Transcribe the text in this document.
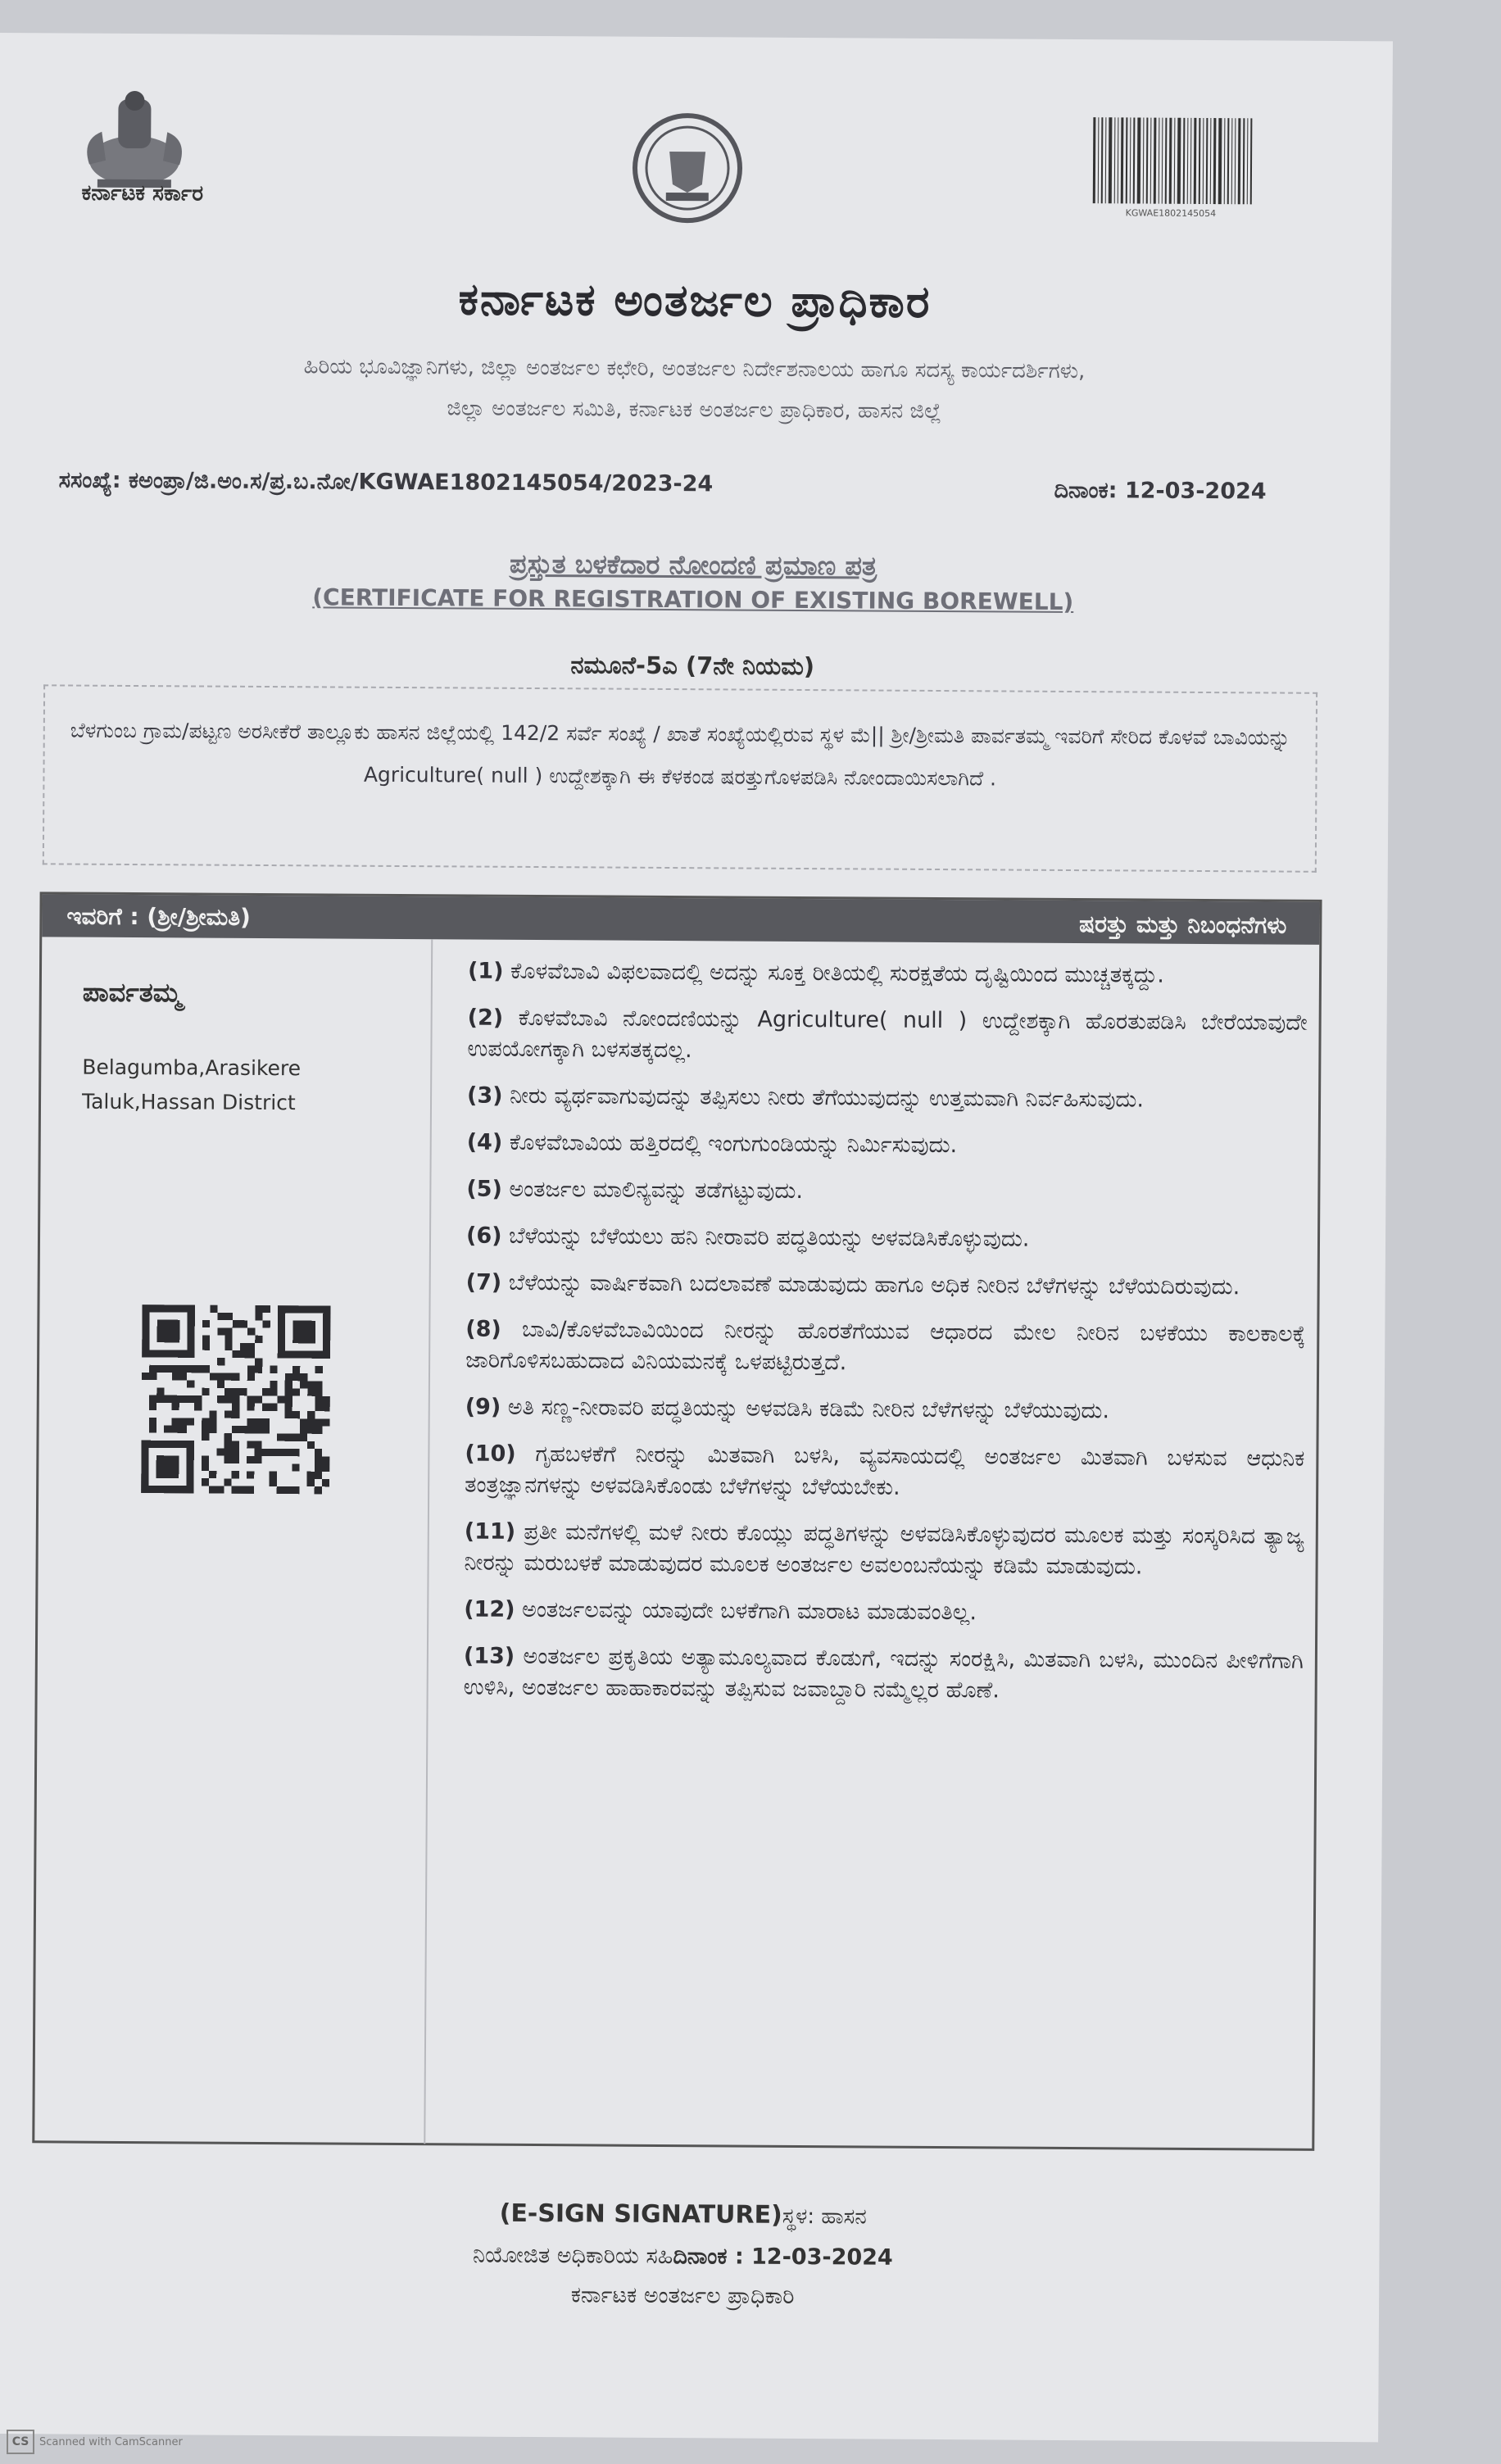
ಕರ್ನಾಟಕ ಸರ್ಕಾರ
KGWAE1802145054
ಕರ್ನಾಟಕ ಅಂತರ್ಜಲ ಪ್ರಾಧಿಕಾರ
ಹಿರಿಯ ಭೂವಿಜ್ಞಾನಿಗಳು, ಜಿಲ್ಲಾ ಅಂತರ್ಜಲ ಕಛೇರಿ, ಅಂತರ್ಜಲ ನಿರ್ದೇಶನಾಲಯ ಹಾಗೂ ಸದಸ್ಯ ಕಾರ್ಯದರ್ಶಿಗಳು,
ಜಿಲ್ಲಾ ಅಂತರ್ಜಲ ಸಮಿತಿ, ಕರ್ನಾಟಕ ಅಂತರ್ಜಲ ಪ್ರಾಧಿಕಾರ, ಹಾಸನ ಜಿಲ್ಲೆ
ಸಸಂಖ್ಯೆ: ಕಅಂಪ್ರಾ/ಜಿ.ಅಂ.ಸ/ಪ್ರ.ಬ.ನೋ/KGWAE1802145054/2023-24	ದಿನಾಂಕ: 12-03-2024
ಪ್ರಸ್ತುತ ಬಳಕೆದಾರ ನೋಂದಣಿ ಪ್ರಮಾಣ ಪತ್ರ
(CERTIFICATE FOR REGISTRATION OF EXISTING BOREWELL)
ನಮೂನೆ-5ಎ (7ನೇ ನಿಯಮ)
ಬೆಳಗುಂಬ ಗ್ರಾಮ/ಪಟ್ಟಣ ಅರಸೀಕೆರೆ ತಾಲ್ಲೂಕು ಹಾಸನ ಜಿಲ್ಲೆಯಲ್ಲಿ 142/2 ಸರ್ವೆ ಸಂಖ್ಯೆ / ಖಾತೆ ಸಂಖ್ಯೆಯಲ್ಲಿರುವ ಸ್ಥಳ ಮೆ|| ಶ್ರೀ/ಶ್ರೀಮತಿ ಪಾರ್ವತಮ್ಮ ಇವರಿಗೆ ಸೇರಿದ ಕೊಳವೆ ಬಾವಿಯನ್ನು Agriculture( null ) ಉದ್ದೇಶಕ್ಕಾಗಿ ಈ ಕೆಳಕಂಡ ಷರತ್ತುಗೊಳಪಡಿಸಿ ನೋಂದಾಯಿಸಲಾಗಿದೆ .
ಇವರಿಗೆ : (ಶ್ರೀ/ಶ್ರೀಮತಿ)	ಷರತ್ತು ಮತ್ತು ನಿಬಂಧನೆಗಳು
ಪಾರ್ವತಮ್ಮ
Belagumba,Arasikere Taluk,Hassan District
(1) ಕೊಳವೆಬಾವಿ ವಿಫಲವಾದಲ್ಲಿ ಅದನ್ನು ಸೂಕ್ತ ರೀತಿಯಲ್ಲಿ ಸುರಕ್ಷತೆಯ ದೃಷ್ಟಿಯಿಂದ ಮುಚ್ಚತಕ್ಕದ್ದು.
(2) ಕೊಳವೆಬಾವಿ ನೋಂದಣಿಯನ್ನು Agriculture( null ) ಉದ್ದೇಶಕ್ಕಾಗಿ ಹೊರತುಪಡಿಸಿ ಬೇರೆಯಾವುದೇ ಉಪಯೋಗಕ್ಕಾಗಿ ಬಳಸತಕ್ಕದಲ್ಲ.
(3) ನೀರು ವ್ಯರ್ಥವಾಗುವುದನ್ನು ತಪ್ಪಿಸಲು ನೀರು ತೆಗೆಯುವುದನ್ನು ಉತ್ತಮವಾಗಿ ನಿರ್ವಹಿಸುವುದು.
(4) ಕೊಳವೆಬಾವಿಯ ಹತ್ತಿರದಲ್ಲಿ ಇಂಗುಗುಂಡಿಯನ್ನು ನಿರ್ಮಿಸುವುದು.
(5) ಅಂತರ್ಜಲ ಮಾಲಿನ್ಯವನ್ನು ತಡೆಗಟ್ಟುವುದು.
(6) ಬೆಳೆಯನ್ನು ಬೆಳೆಯಲು ಹನಿ ನೀರಾವರಿ ಪದ್ಧತಿಯನ್ನು ಅಳವಡಿಸಿಕೊಳ್ಳುವುದು.
(7) ಬೆಳೆಯನ್ನು ವಾರ್ಷಿಕವಾಗಿ ಬದಲಾವಣೆ ಮಾಡುವುದು ಹಾಗೂ ಅಧಿಕ ನೀರಿನ ಬೆಳೆಗಳನ್ನು ಬೆಳೆಯದಿರುವುದು.
(8) ಬಾವಿ/ಕೊಳವೆಬಾವಿಯಿಂದ ನೀರನ್ನು ಹೊರತೆಗೆಯುವ ಆಧಾರದ ಮೇಲ ನೀರಿನ ಬಳಕೆಯು ಕಾಲಕಾಲಕ್ಕೆ ಜಾರಿಗೊಳಿಸಬಹುದಾದ ವಿನಿಯಮನಕ್ಕೆ ಒಳಪಟ್ಟಿರುತ್ತದೆ.
(9) ಅತಿ ಸಣ್ಣ-ನೀರಾವರಿ ಪದ್ಧತಿಯನ್ನು ಅಳವಡಿಸಿ ಕಡಿಮೆ ನೀರಿನ ಬೆಳೆಗಳನ್ನು ಬೆಳೆಯುವುದು.
(10) ಗೃಹಬಳಕೆಗೆ ನೀರನ್ನು ಮಿತವಾಗಿ ಬಳಸಿ, ವ್ಯವಸಾಯದಲ್ಲಿ ಅಂತರ್ಜಲ ಮಿತವಾಗಿ ಬಳಸುವ ಆಧುನಿಕ ತಂತ್ರಜ್ಞಾನಗಳನ್ನು ಅಳವಡಿಸಿಕೊಂಡು ಬೆಳೆಗಳನ್ನು ಬೆಳೆಯಬೇಕು.
(11) ಪ್ರತೀ ಮನೆಗಳಲ್ಲಿ ಮಳೆ ನೀರು ಕೊಯ್ಲು ಪದ್ಧತಿಗಳನ್ನು ಅಳವಡಿಸಿಕೊಳ್ಳುವುದರ ಮೂಲಕ ಮತ್ತು ಸಂಸ್ಕರಿಸಿದ ತ್ಯಾಜ್ಯ ನೀರನ್ನು ಮರುಬಳಕೆ ಮಾಡುವುದರ ಮೂಲಕ ಅಂತರ್ಜಲ ಅವಲಂಬನೆಯನ್ನು ಕಡಿಮೆ ಮಾಡುವುದು.
(12) ಅಂತರ್ಜಲವನ್ನು ಯಾವುದೇ ಬಳಕೆಗಾಗಿ ಮಾರಾಟ ಮಾಡುವಂತಿಲ್ಲ.
(13) ಅಂತರ್ಜಲ ಪ್ರಕೃತಿಯ ಅತ್ಯಾಮೂಲ್ಯವಾದ ಕೊಡುಗೆ, ಇದನ್ನು ಸಂರಕ್ಷಿಸಿ, ಮಿತವಾಗಿ ಬಳಸಿ, ಮುಂದಿನ ಪೀಳಿಗೆಗಾಗಿ ಉಳಿಸಿ, ಅಂತರ್ಜಲ ಹಾಹಾಕಾರವನ್ನು ತಪ್ಪಿಸುವ ಜವಾಬ್ದಾರಿ ನಮ್ಮೆಲ್ಲರ ಹೊಣೆ.
(E-SIGN SIGNATURE)ಸ್ಥಳ: ಹಾಸನ
ನಿಯೋಜಿತ ಅಧಿಕಾರಿಯ ಸಹಿದಿನಾಂಕ : 12-03-2024
ಕರ್ನಾಟಕ ಅಂತರ್ಜಲ ಪ್ರಾಧಿಕಾರಿ
CS Scanned with CamScanner
